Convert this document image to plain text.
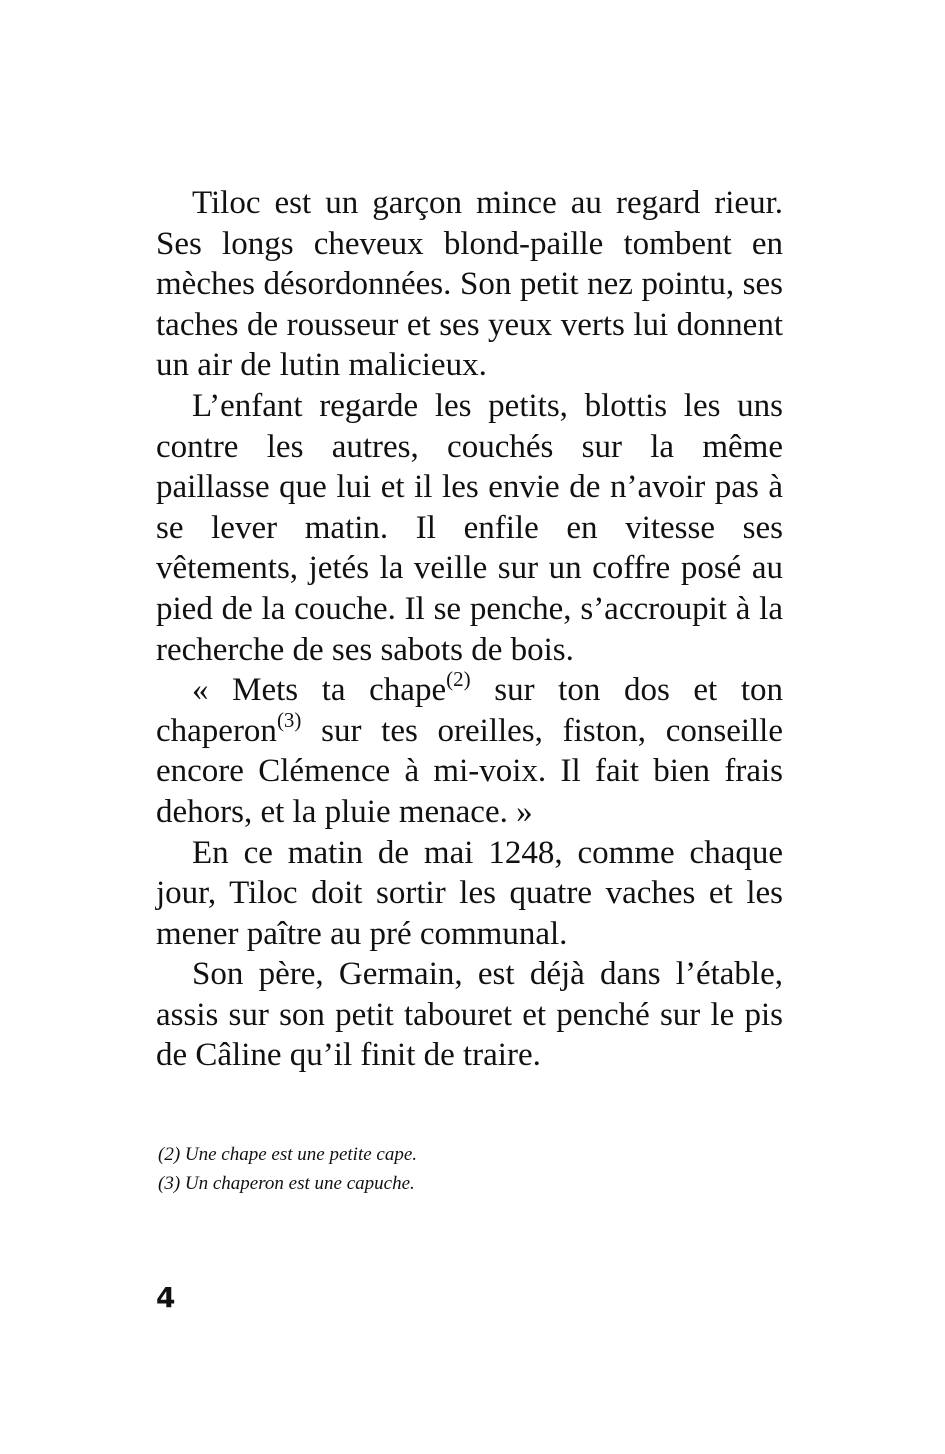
Tiloc est un garçon mince au regard rieur. Ses longs cheveux blond-paille tombent en mèches désordonnées. Son petit nez pointu, ses taches de rousseur et ses yeux verts lui donnent un air de lutin malicieux.

L’enfant regarde les petits, blottis les uns contre les autres, couchés sur la même paillasse que lui et il les envie de n’avoir pas à se lever matin. Il enfile en vitesse ses vêtements, jetés la veille sur un coffre posé au pied de la couche. Il se penche, s’accroupit à la recherche de ses sabots de bois.

« Mets ta chape$^{(2)}$ sur ton dos et ton chaperon$^{(3)}$ sur tes oreilles, fiston, conseille encore Clémence à mi-voix. Il fait bien frais dehors, et la pluie menace. »

En ce matin de mai 1248, comme chaque jour, Tiloc doit sortir les quatre vaches et les mener paître au pré communal.

Son père, Germain, est déjà dans l’étable, assis sur son petit tabouret et penché sur le pis de Câline qu’il finit de traire.

(2) Une chape est une petite cape.

(3) Un chaperon est une capuche.

4
